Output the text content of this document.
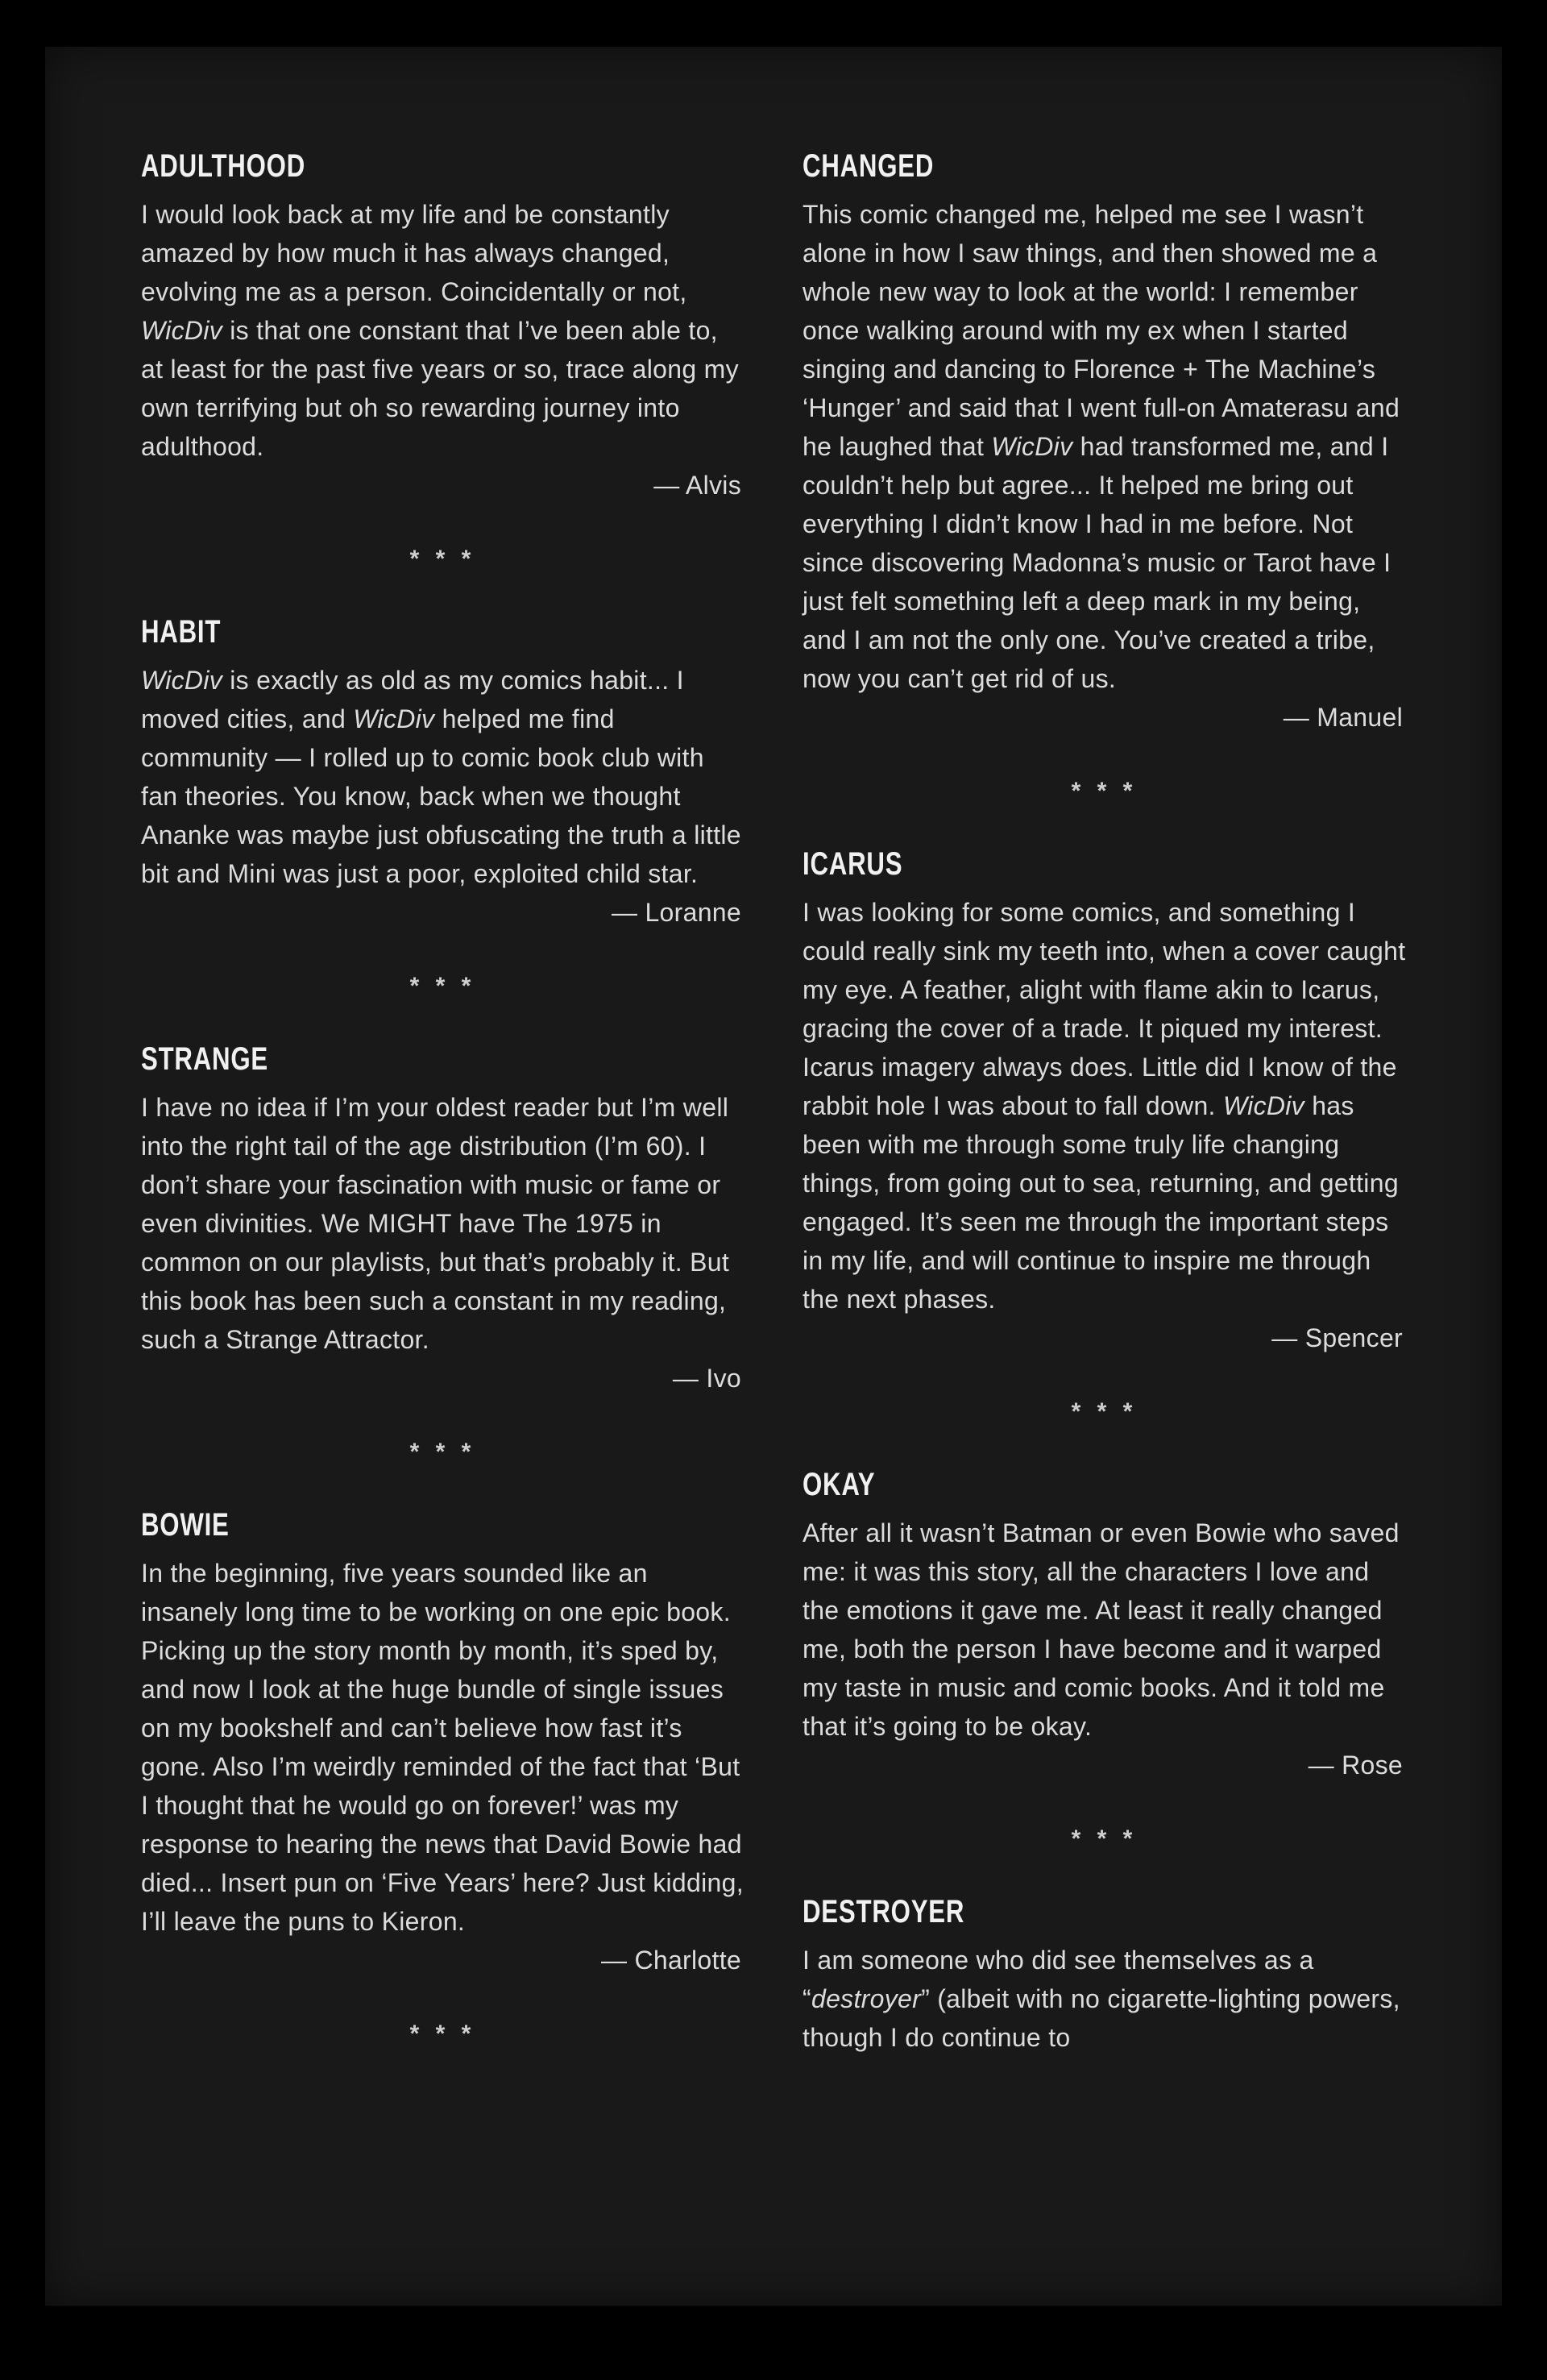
ADULTHOOD

I would look back at my life and be constantly amazed by how much it has always changed, evolving me as a person. Coincidentally or not, WicDiv is that one constant that I’ve been able to, at least for the past five years or so, trace along my own terrifying but oh so rewarding journey into adulthood.

— Alvis
* * *
HABIT

WicDiv is exactly as old as my comics habit... I moved cities, and WicDiv helped me find community — I rolled up to comic book club with fan theories. You know, back when we thought Ananke was maybe just obfuscating the truth a little bit and Mini was just a poor, exploited child star.

— Loranne
* * *
STRANGE

I have no idea if I’m your oldest reader but I’m well into the right tail of the age distribution (I’m 60). I don’t share your fascination with music or fame or even divinities. We MIGHT have The 1975 in common on our playlists, but that’s probably it. But this book has been such a constant in my reading, such a Strange Attractor.

— Ivo
* * *
BOWIE

In the beginning, five years sounded like an insanely long time to be working on one epic book. Picking up the story month by month, it’s sped by, and now I look at the huge bundle of single issues on my bookshelf and can’t believe how fast it’s gone. Also I’m weirdly reminded of the fact that ‘But I thought that he would go on forever!’ was my response to hearing the news that David Bowie had died... Insert pun on ‘Five Years’ here? Just kidding, I’ll leave the puns to Kieron.

— Charlotte
* * *
CHANGED

This comic changed me, helped me see I wasn’t alone in how I saw things, and then showed me a whole new way to look at the world: I remember once walking around with my ex when I started singing and dancing to Florence + The Machine’s ‘Hunger’ and said that I went full-on Amaterasu and he laughed that WicDiv had transformed me, and I couldn’t help but agree... It helped me bring out everything I didn’t know I had in me before. Not since discovering Madonna’s music or Tarot have I just felt something left a deep mark in my being, and I am not the only one. You’ve created a tribe, now you can’t get rid of us.

— Manuel
* * *
ICARUS

I was looking for some comics, and something I could really sink my teeth into, when a cover caught my eye. A feather, alight with flame akin to Icarus, gracing the cover of a trade. It piqued my interest. Icarus imagery always does. Little did I know of the rabbit hole I was about to fall down. WicDiv has been with me through some truly life changing things, from going out to sea, returning, and getting engaged. It’s seen me through the important steps in my life, and will continue to inspire me through the next phases.

— Spencer
* * *
OKAY

After all it wasn’t Batman or even Bowie who saved me: it was this story, all the characters I love and the emotions it gave me. At least it really changed me, both the person I have become and it warped my taste in music and comic books. And it told me that it’s going to be okay.

— Rose
* * *
DESTROYER

I am someone who did see themselves as a “destroyer” (albeit with no cigarette-lighting powers, though I do continue to
